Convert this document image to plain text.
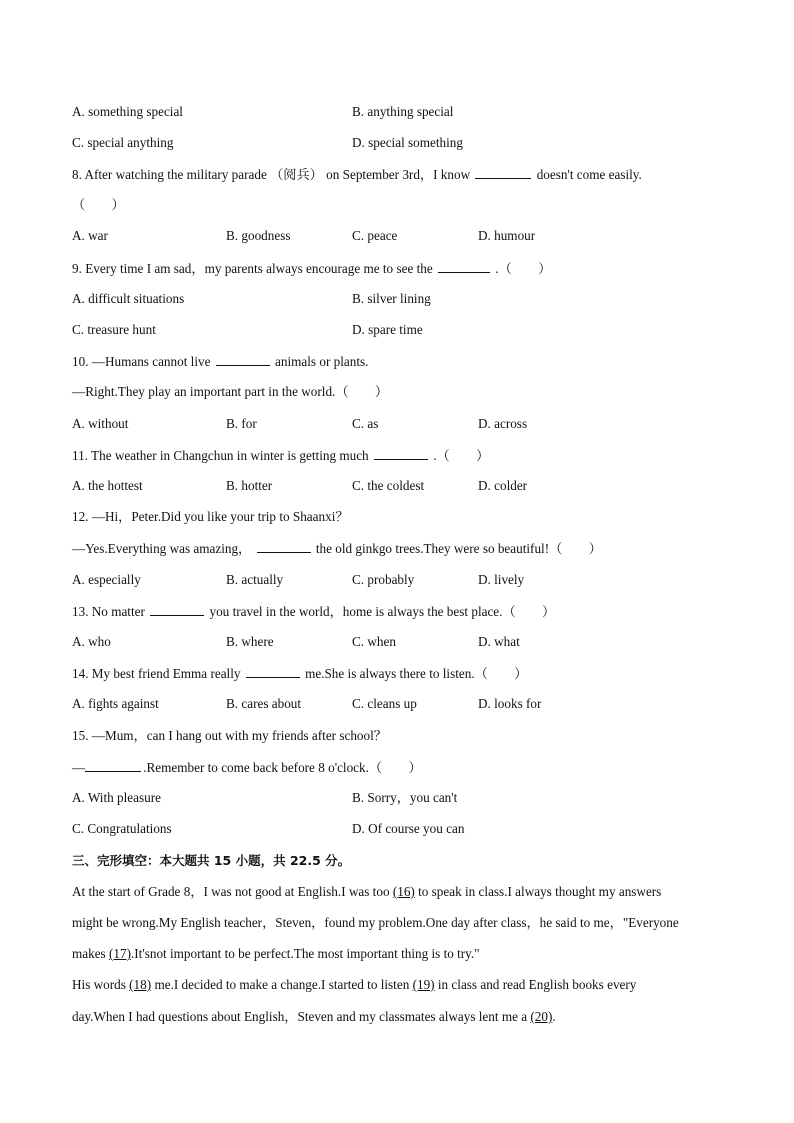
A. something special	B. anything special
C. special anything	D. special something
8. After watching the military parade （阅兵） on September 3rd，I know	doesn't come easily.
（　　）
A. war	B. goodness	C. peace	D. humour
9. Every time I am sad，my parents always encourage me to see the	.（　　）
A. difficult situations	B. silver lining
C. treasure hunt	D. spare time
10. —Humans cannot live	animals or plants.
—Right.They play an important part in the world.（　　）
A. without	B. for	C. as	D. across
11. The weather in Changchun in winter is getting much	.（　　）
A. the hottest	B. hotter	C. the coldest	D. colder
12. —Hi，Peter.Did you like your trip to Shaanxi？
—Yes.Everything was amazing，	the old ginkgo trees.They were so beautiful!（　　）
A. especially	B. actually	C. probably	D. lively
13. No matter	you travel in the world，home is always the best place.（　　）
A. who	B. where	C. when	D. what
14. My best friend Emma really	me.She is always there to listen.（　　）
A. fights against	B. cares about	C. cleans up	D. looks for
15. —Mum，can I hang out with my friends after school？
—	.Remember to come back before 8 o'clock.（　　）
A. With pleasure	B. Sorry，you can't
C. Congratulations	D. Of course you can
三、完形填空：本大题共 15 小题，共 22.5 分。
At the start of Grade 8，I was not good at English.I was too (16) to speak in class.I always thought my answers
might be wrong.My English teacher，Steven，found my problem.One day after class，he said to me，"Everyone
makes (17).It'snot important to be perfect.The most important thing is to try."
His words (18) me.I decided to make a change.I started to listen (19) in class and read English books every
day.When I had questions about English，Steven and my classmates always lent me a (20).
